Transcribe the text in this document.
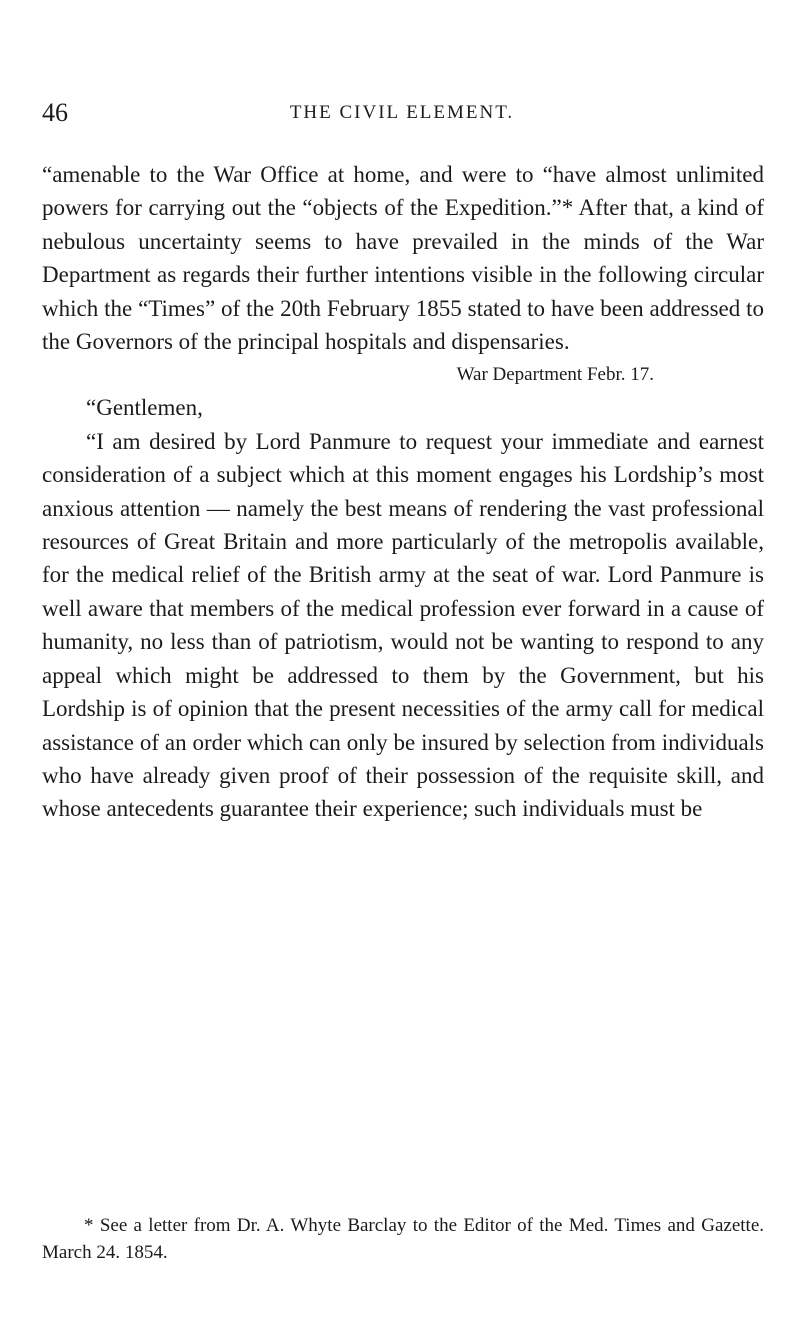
46	THE CIVIL ELEMENT.

“amenable to the War Office at home, and were to “have almost unlimited powers for carrying out the “objects of the Expedition.”* After that, a kind of nebulous uncertainty seems to have prevailed in the minds of the War Department as regards their further intentions visible in the following circular which the “Times” of the 20th February 1855 stated to have been addressed to the Governors of the principal hospitals and dispensaries.

War Department Febr. 17.

“Gentlemen,

“I am desired by Lord Panmure to request your immediate and earnest consideration of a subject which at this moment engages his Lordship’s most anxious attention — namely the best means of rendering the vast professional resources of Great Britain and more particularly of the metropolis available, for the medical relief of the British army at the seat of war. Lord Panmure is well aware that members of the medical profession ever forward in a cause of humanity, no less than of patriotism, would not be wanting to respond to any appeal which might be addressed to them by the Government, but his Lordship is of opinion that the present necessities of the army call for medical assistance of an order which can only be insured by selection from individuals who have already given proof of their possession of the requisite skill, and whose antecedents guarantee their experience; such individuals must be

* See a letter from Dr. A. Whyte Barclay to the Editor of the Med. Times and Gazette. March 24. 1854.
